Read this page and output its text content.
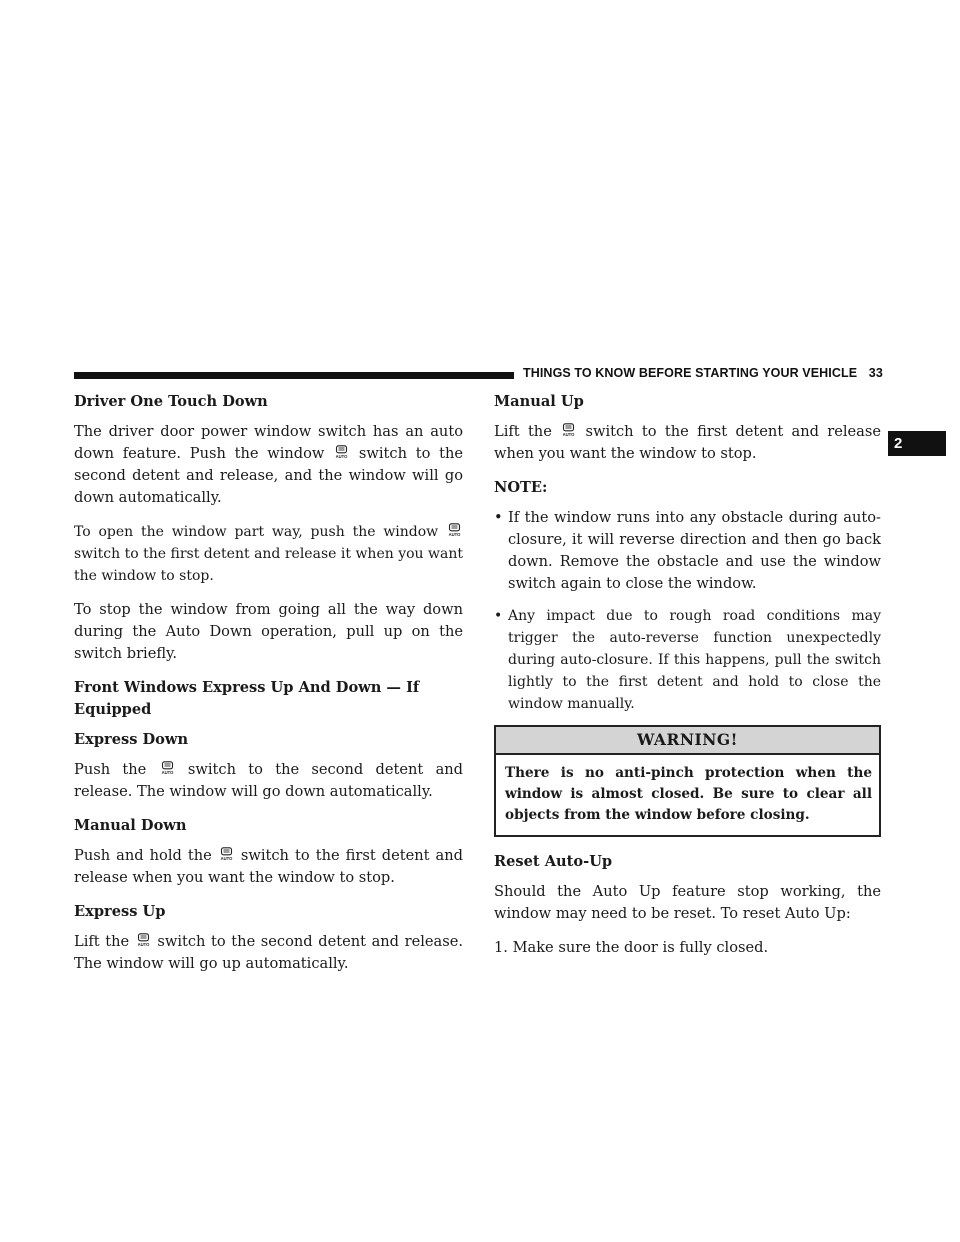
THINGS TO KNOW BEFORE STARTING YOUR VEHICLE 33
2
Driver One Touch Down

The driver door power window switch has an auto down feature. Push the window	AUTO switch to the second detent and release, and the window will go down automatically.

To open the window part way, push the window AUTO
switch to the first detent and release it when you want the window to stop.

To stop the window from going all the way down during the Auto Down operation, pull up on the switch briefly.

Front Windows Express Up And Down — If Equipped
Express Down

Push the	AUTO switch to the second detent and release. The window will go down automatically.

Manual Down

Push and hold the AUTO switch to the first detent and release when you want the window to stop.

Express Up

Lift the AUTO switch to the second detent and release. The window will go up automatically.

Manual Up

Lift the	AUTO switch to the first detent and release when you want the window to stop.

NOTE:
• If the window runs into any obstacle during auto-closure, it will reverse direction and then go back down. Remove the obstacle and use the window switch again to close the window.
• Any impact due to rough road conditions may trigger the auto-reverse function unexpectedly during auto-closure. If this happens, pull the switch lightly to the first detent and hold to close the window manually.
WARNING!
There is no anti-pinch protection when the window is almost closed. Be sure to clear all objects from the window before closing.
Reset Auto-Up

Should the Auto Up feature stop working, the window may need to be reset. To reset Auto Up:

1. Make sure the door is fully closed.
